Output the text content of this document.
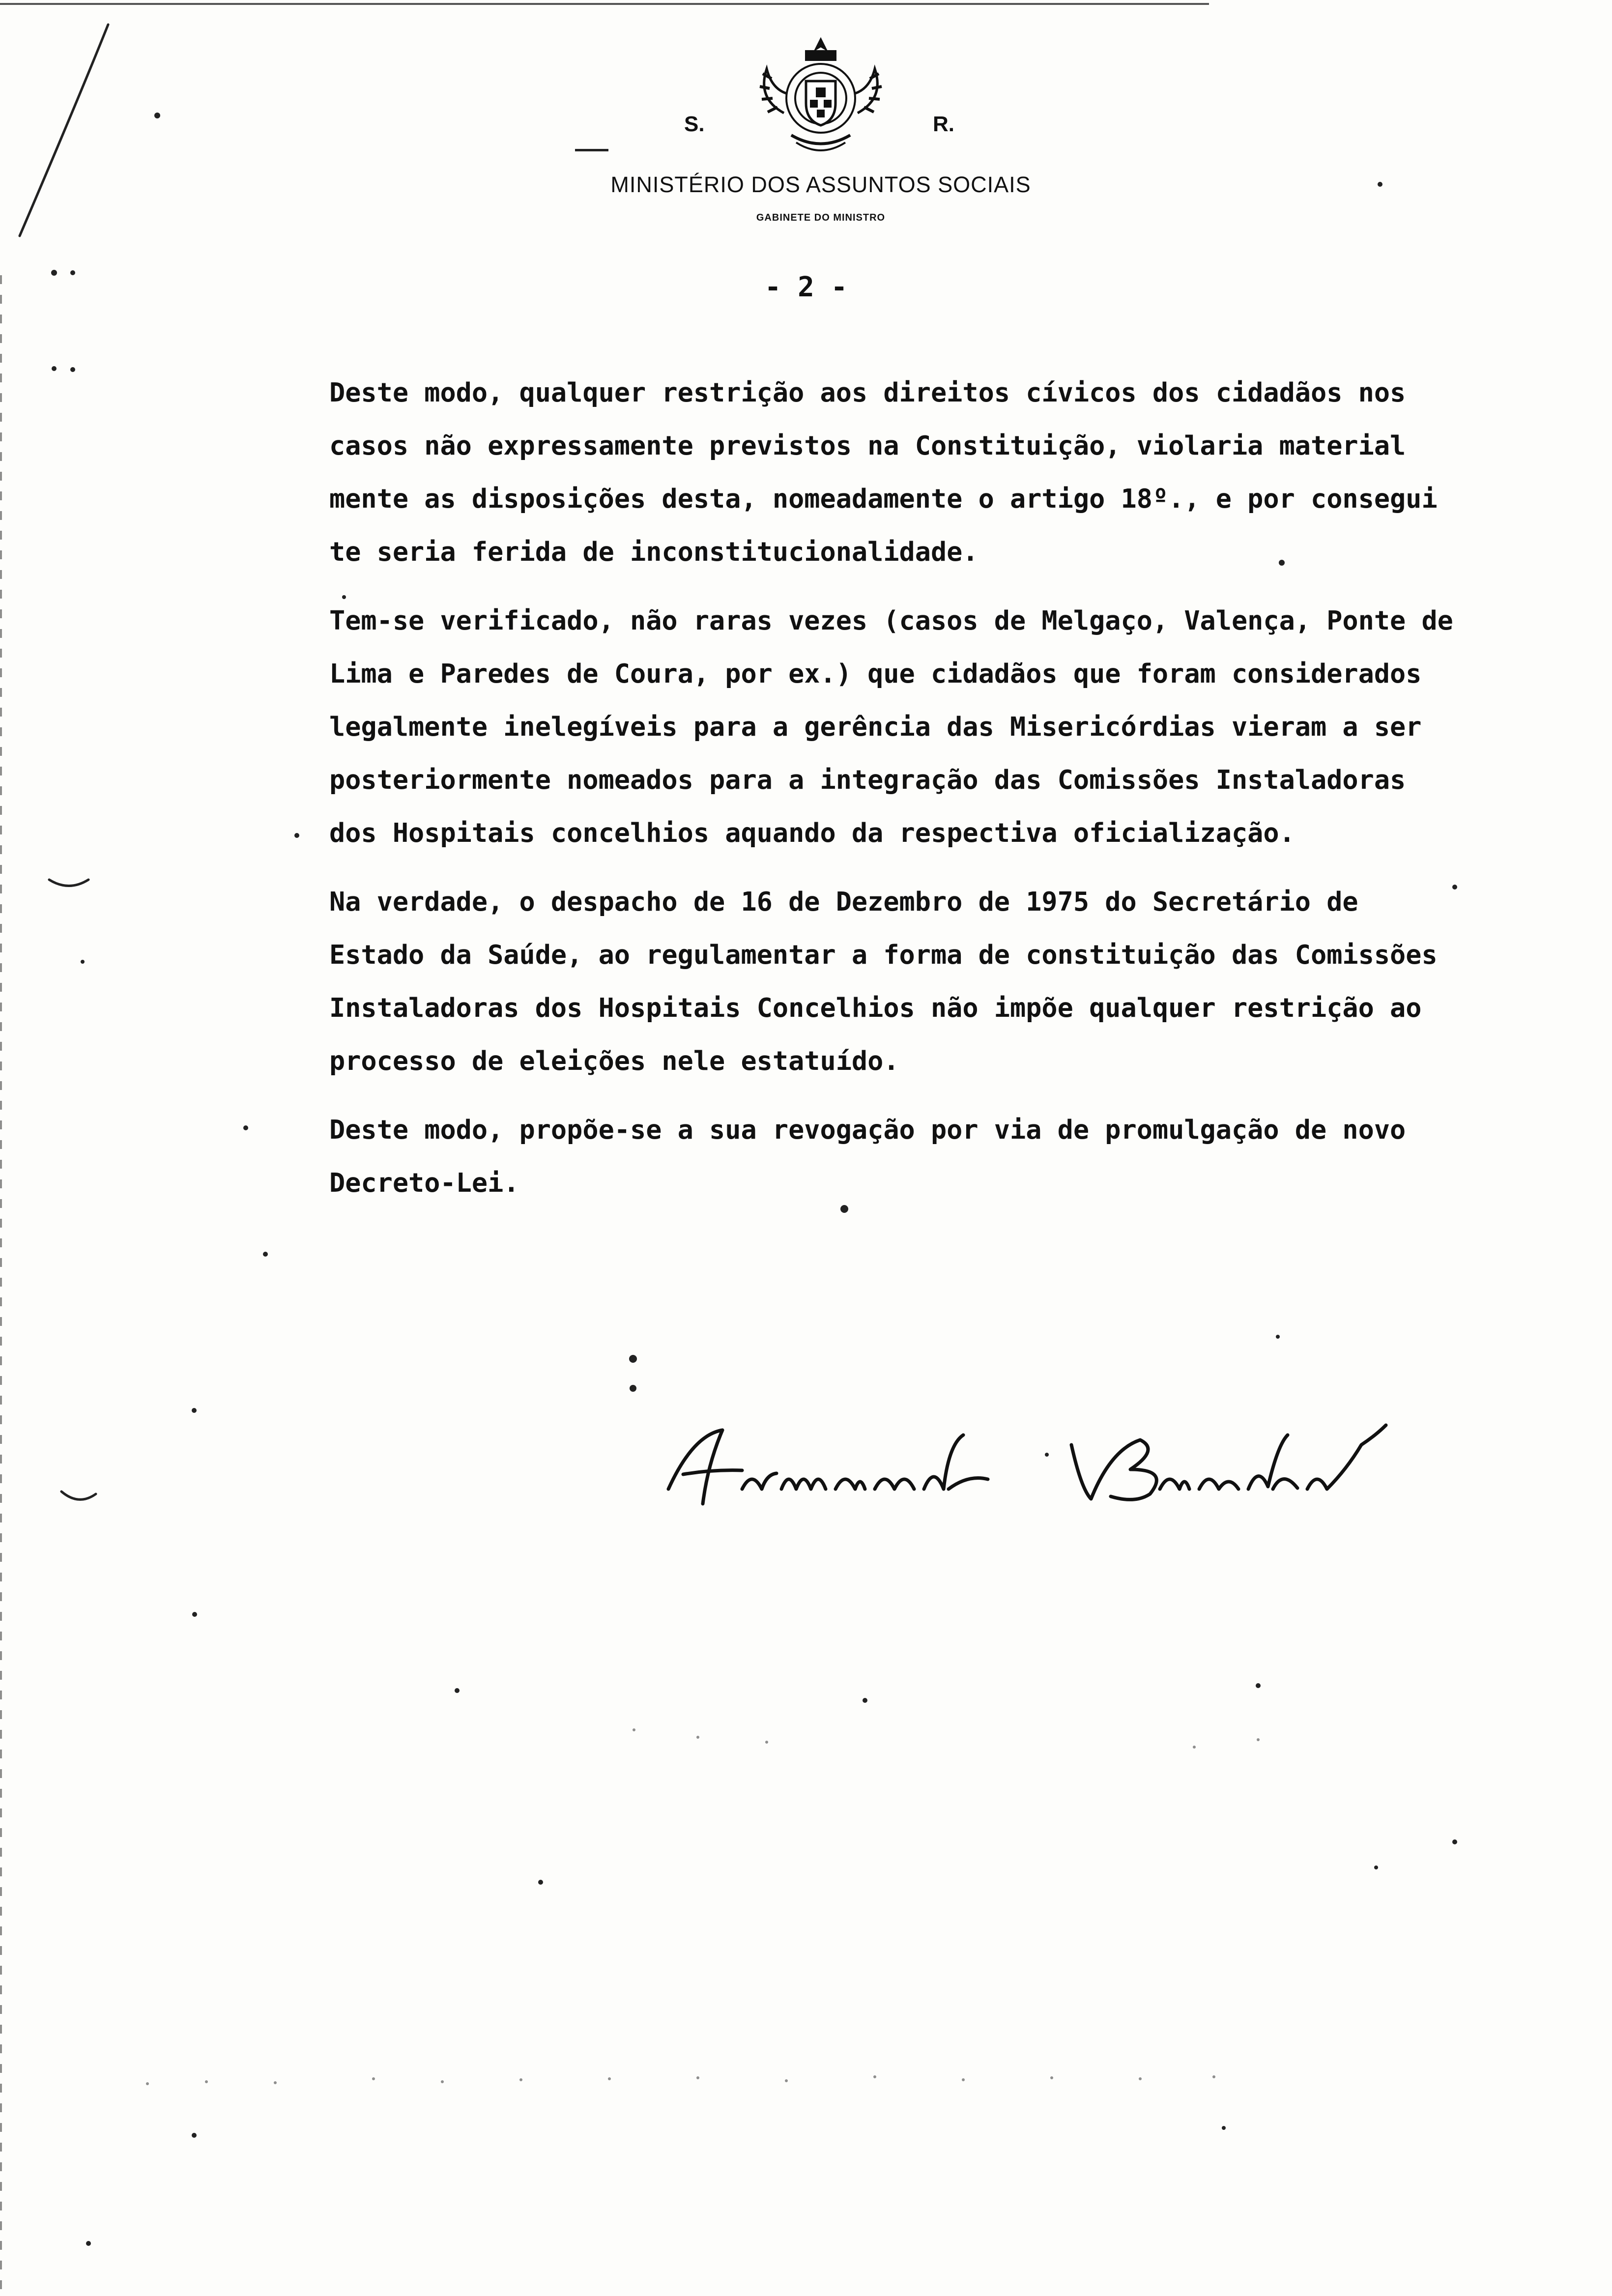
S.	R.
MINISTÉRIO DOS ASSUNTOS SOCIAIS
GABINETE DO MINISTRO
- 2 -

Deste modo, qualquer restrição aos direitos cívicos dos cidadãos nos
casos não expressamente previstos na Constituição, violaria material
mente as disposições desta, nomeadamente o artigo 18º., e por consegui
te seria ferida de inconstitucionalidade.

Tem-se verificado, não raras vezes (casos de Melgaço, Valença, Ponte de
Lima e Paredes de Coura, por ex.) que cidadãos que foram considerados
legalmente inelegíveis para a gerência das Misericórdias vieram a ser
posteriormente nomeados para a integração das Comissões Instaladoras
dos Hospitais concelhios aquando da respectiva oficialização.

Na verdade, o despacho de 16 de Dezembro de 1975 do Secretário de
Estado da Saúde, ao regulamentar a forma de constituição das Comissões
Instaladoras dos Hospitais Concelhios não impõe qualquer restrição ao
processo de eleições nele estatuído.

Deste modo, propõe-se a sua revogação por via de promulgação de novo
Decreto-Lei.
